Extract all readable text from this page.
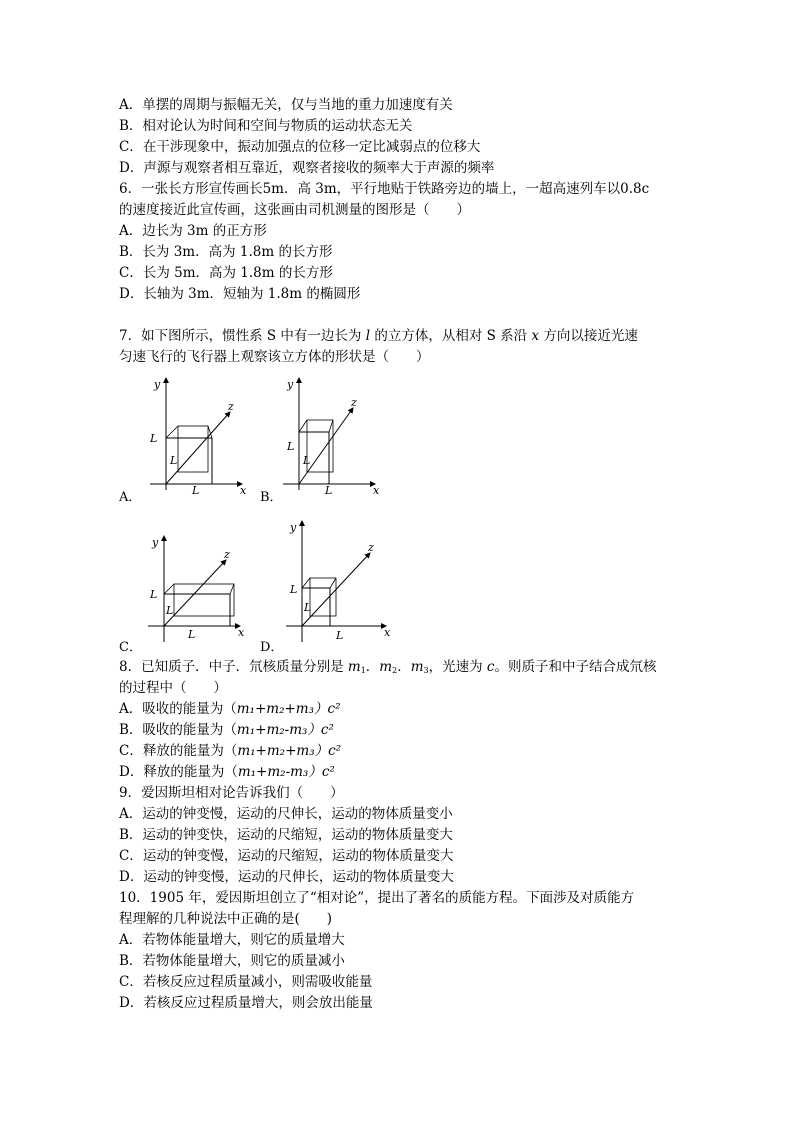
A．单摆的周期与振幅无关，仅与当地的重力加速度有关
B．相对论认为时间和空间与物质的运动状态无关
C．在干涉现象中，振动加强点的位移一定比减弱点的位移大
D．声源与观察者相互靠近，观察者接收的频率大于声源的频率
6．一张长方形宣传画长5m．高 3m，平行地贴于铁路旁边的墙上，一超高速列车以0.8c
的速度接近此宣传画，这张画由司机测量的图形是（　　）
A．边长为 3m 的正方形
B．长为 3m．高为 1.8m 的长方形
C．长为 5m．高为 1.8m 的长方形
D．长轴为 3m．短轴为 1.8m 的椭圆形
7．如下图所示，惯性系 S 中有一边长为 l 的立方体，从相对 S 系沿 x 方向以接近光速
匀速飞行的飞行器上观察该立方体的形状是（　　）
y
x
z
L
L
L
A．
y
x
z
L
L
L
B．
y
x
z
L
L
L
C．
y
x
z
L
L
L
D．
8．已知质子．中子．氘核质量分别是 $m_1$．$m_2$．$m_3$，光速为 c。则质子和中子结合成氘核
的过程中（　　）
A．吸收的能量为（m₁+m₂+m₃）c²
B．吸收的能量为（m₁+m₂-m₃）c²
C．释放的能量为（m₁+m₂+m₃）c²
D．释放的能量为（m₁+m₂-m₃）c²
9．爱因斯坦相对论告诉我们（　　）
A．运动的钟变慢，运动的尺伸长，运动的物体质量变小
B．运动的钟变快，运动的尺缩短，运动的物体质量变大
C．运动的钟变慢，运动的尺缩短，运动的物体质量变大
D．运动的钟变慢，运动的尺伸长，运动的物体质量变大
10．1905 年，爱因斯坦创立了“相对论”，提出了著名的质能方程。下面涉及对质能方
程理解的几种说法中正确的是(　　)
A．若物体能量增大，则它的质量增大
B．若物体能量增大，则它的质量减小
C．若核反应过程质量减小，则需吸收能量
D．若核反应过程质量增大，则会放出能量
